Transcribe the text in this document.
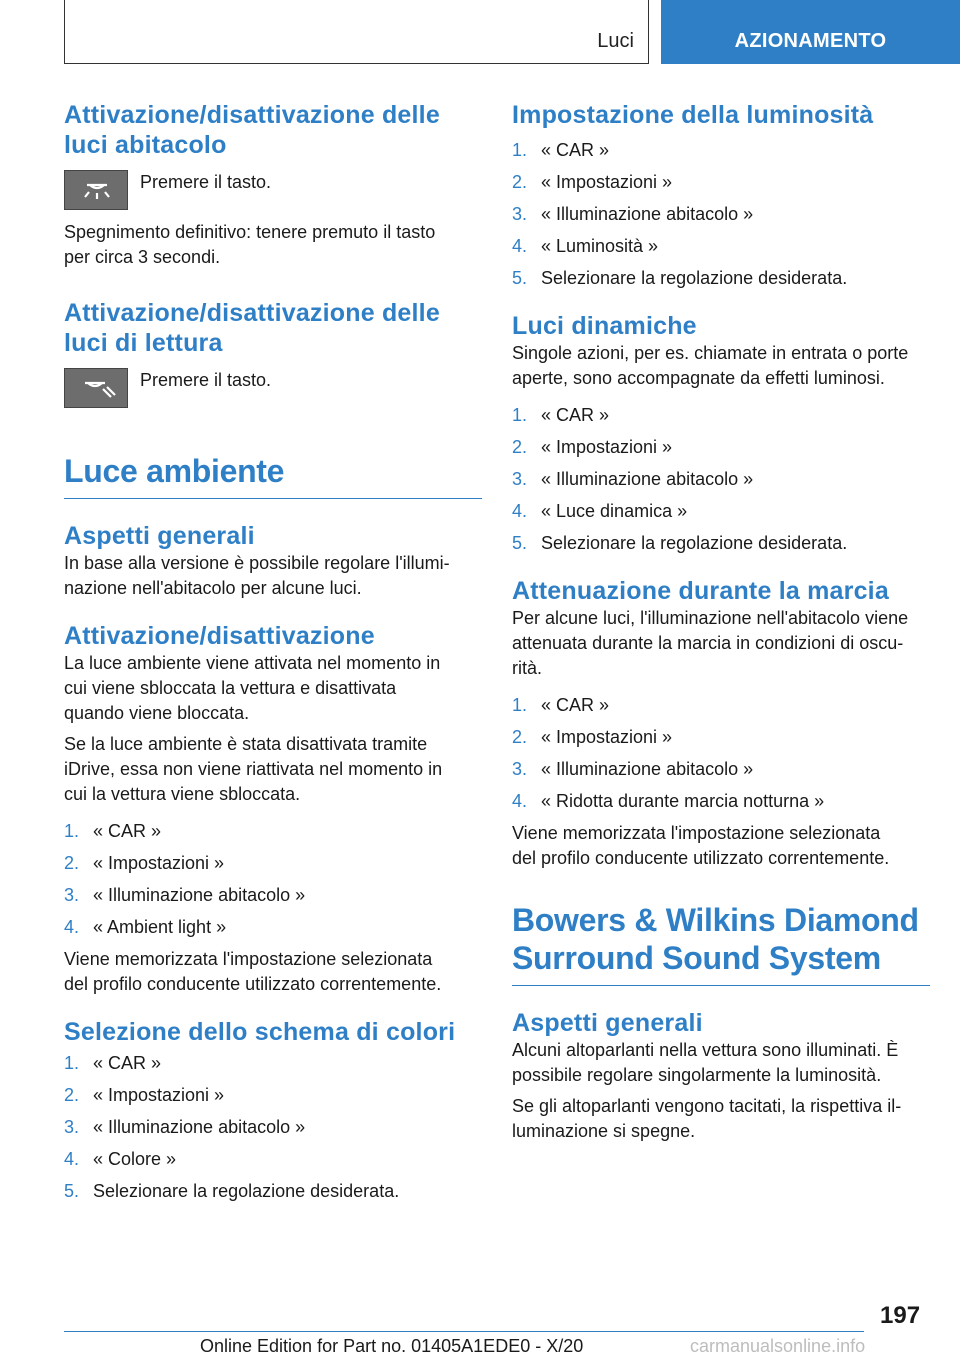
Luci	AZIONAMENTO
Attivazione/disattivazione delle
luci abitacolo

Premere il tasto.

Spegnimento definitivo: tenere premuto il tasto
per circa 3 secondi.

Attivazione/disattivazione delle
luci di lettura

Premere il tasto.

Luce ambiente
Aspetti generali

In base alla versione è possibile regolare l'illumi-
nazione nell'abitacolo per alcune luci.

Attivazione/disattivazione

La luce ambiente viene attivata nel momento in
cui viene sbloccata la vettura e disattivata
quando viene bloccata.

Se la luce ambiente è stata disattivata tramite
iDrive, essa non viene riattivata nel momento in
cui la vettura viene sbloccata.

1. « CAR »
2. « Impostazioni »
3. « Illuminazione abitacolo »
4. « Ambient light »

Viene memorizzata l'impostazione selezionata
del profilo conducente utilizzato correntemente.

Selezione dello schema di colori
1. « CAR »
2. « Impostazioni »
3. « Illuminazione abitacolo »
4. « Colore »
5. Selezionare la regolazione desiderata.
Impostazione della luminosità
1. « CAR »
2. « Impostazioni »
3. « Illuminazione abitacolo »
4. « Luminosità »
5. Selezionare la regolazione desiderata.
Luci dinamiche

Singole azioni, per es. chiamate in entrata o porte
aperte, sono accompagnate da effetti luminosi.

1. « CAR »
2. « Impostazioni »
3. « Illuminazione abitacolo »
4. « Luce dinamica »
5. Selezionare la regolazione desiderata.
Attenuazione durante la marcia

Per alcune luci, l'illuminazione nell'abitacolo viene
attenuata durante la marcia in condizioni di oscu-
rità.

1. « CAR »
2. « Impostazioni »
3. « Illuminazione abitacolo »
4. « Ridotta durante marcia notturna »

Viene memorizzata l'impostazione selezionata
del profilo conducente utilizzato correntemente.

Bowers & Wilkins Diamond
Surround Sound System
Aspetti generali

Alcuni altoparlanti nella vettura sono illuminati. È
possibile regolare singolarmente la luminosità.

Se gli altoparlanti vengono tacitati, la rispettiva il-
luminazione si spegne.

197
Online Edition for Part no. 01405A1EDE0 - X/20	carmanualsonline.info
